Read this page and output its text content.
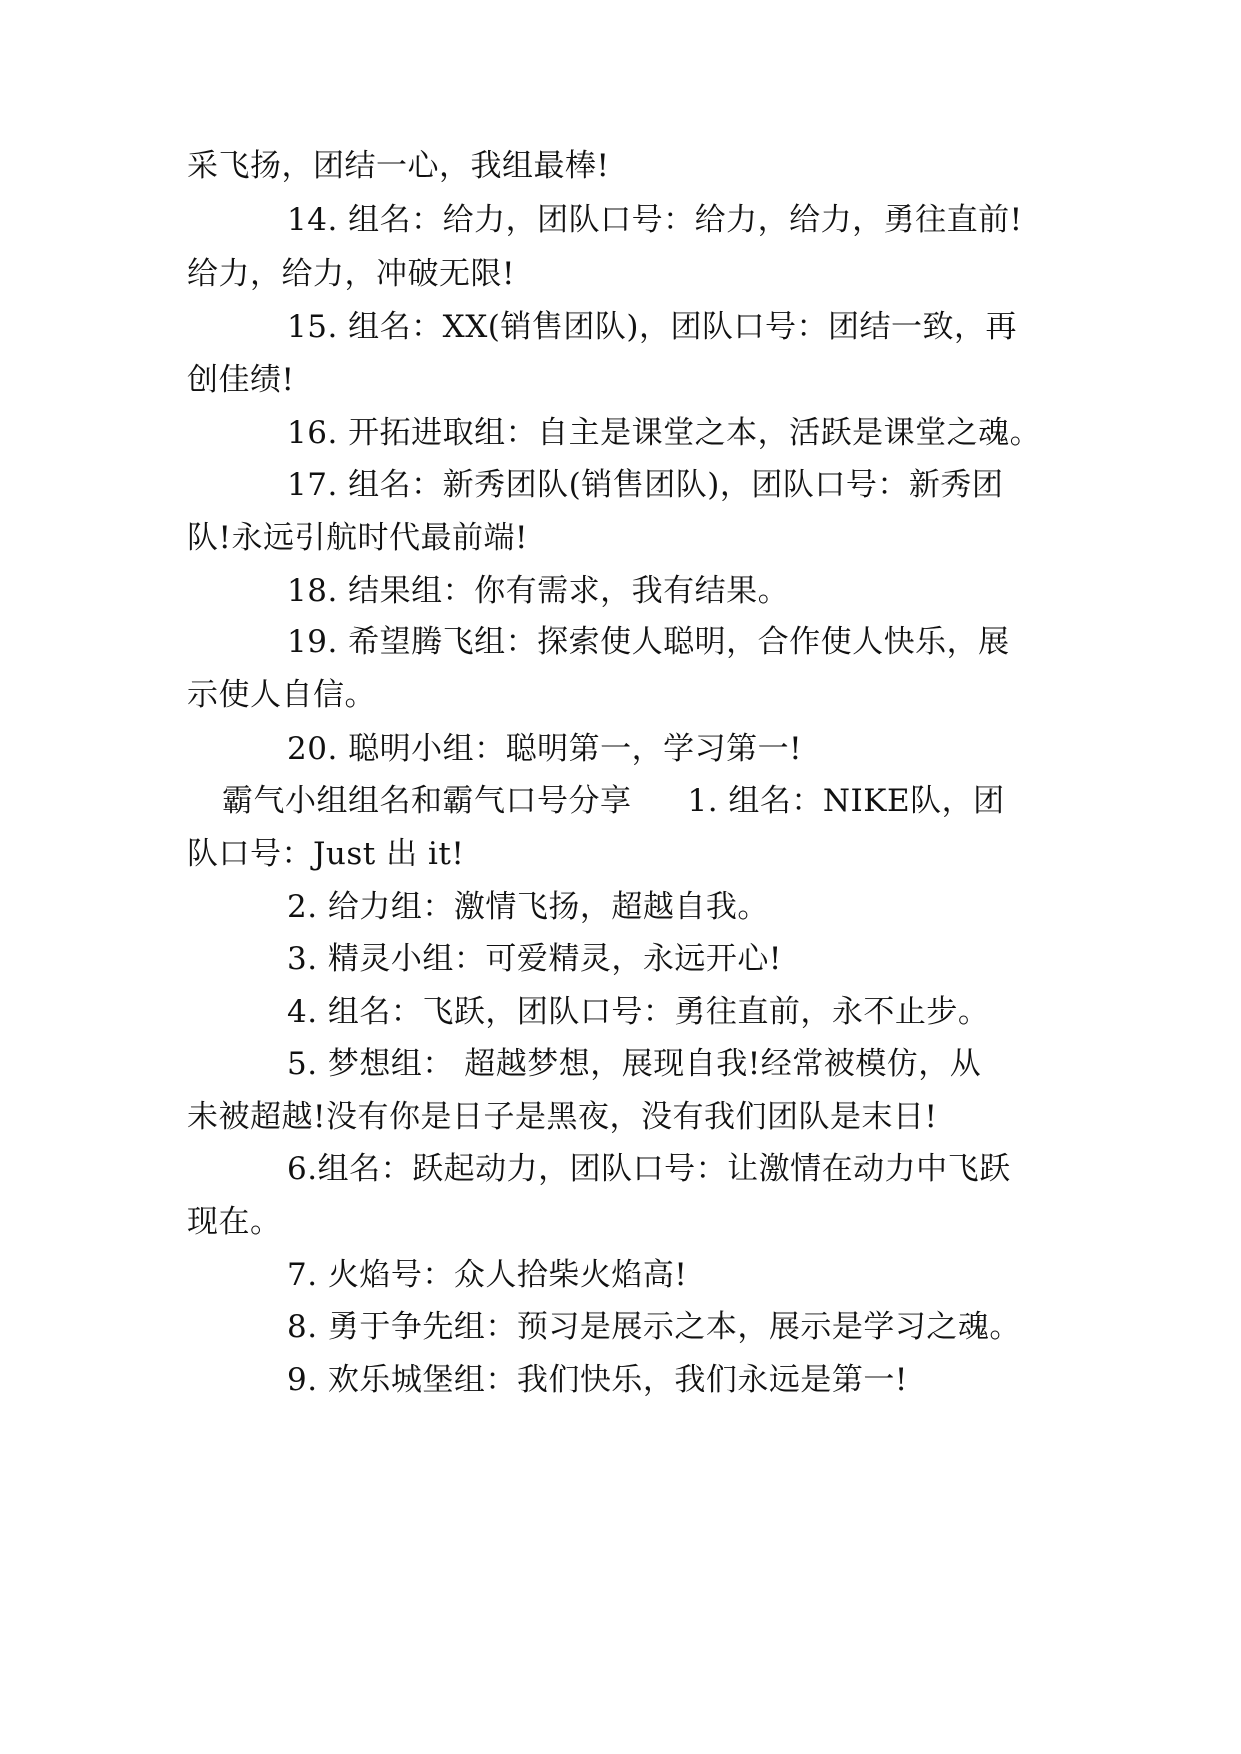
采飞扬，团结一心，我组最棒!
14. 组名：给力，团队口号：给力，给力，勇往直前!
给力，给力，冲破无限!
15. 组名：XX(销售团队)，团队口号：团结一致，再
创佳绩!
16. 开拓进取组：自主是课堂之本，活跃是课堂之魂。
17. 组名：新秀团队(销售团队)，团队口号：新秀团
队!永远引航时代最前端!
18. 结果组：你有需求，我有结果。
19. 希望腾飞组：探索使人聪明，合作使人快乐，展
示使人自信。
20. 聪明小组：聪明第一，学习第一!
霸气小组组名和霸气口号分享 1. 组名：NIKE队，团
队口号：Just 出 it!
2. 给力组：激情飞扬，超越自我。
3. 精灵小组：可爱精灵，永远开心!
4. 组名：飞跃，团队口号：勇往直前，永不止步。
5. 梦想组： 超越梦想，展现自我!经常被模仿，从
未被超越!没有你是日子是黑夜，没有我们团队是末日!
6.组名：跃起动力，团队口号：让激情在动力中飞跃
现在。
7. 火焰号：众人拾柴火焰高!
8. 勇于争先组：预习是展示之本，展示是学习之魂。
9. 欢乐城堡组：我们快乐，我们永远是第一!
